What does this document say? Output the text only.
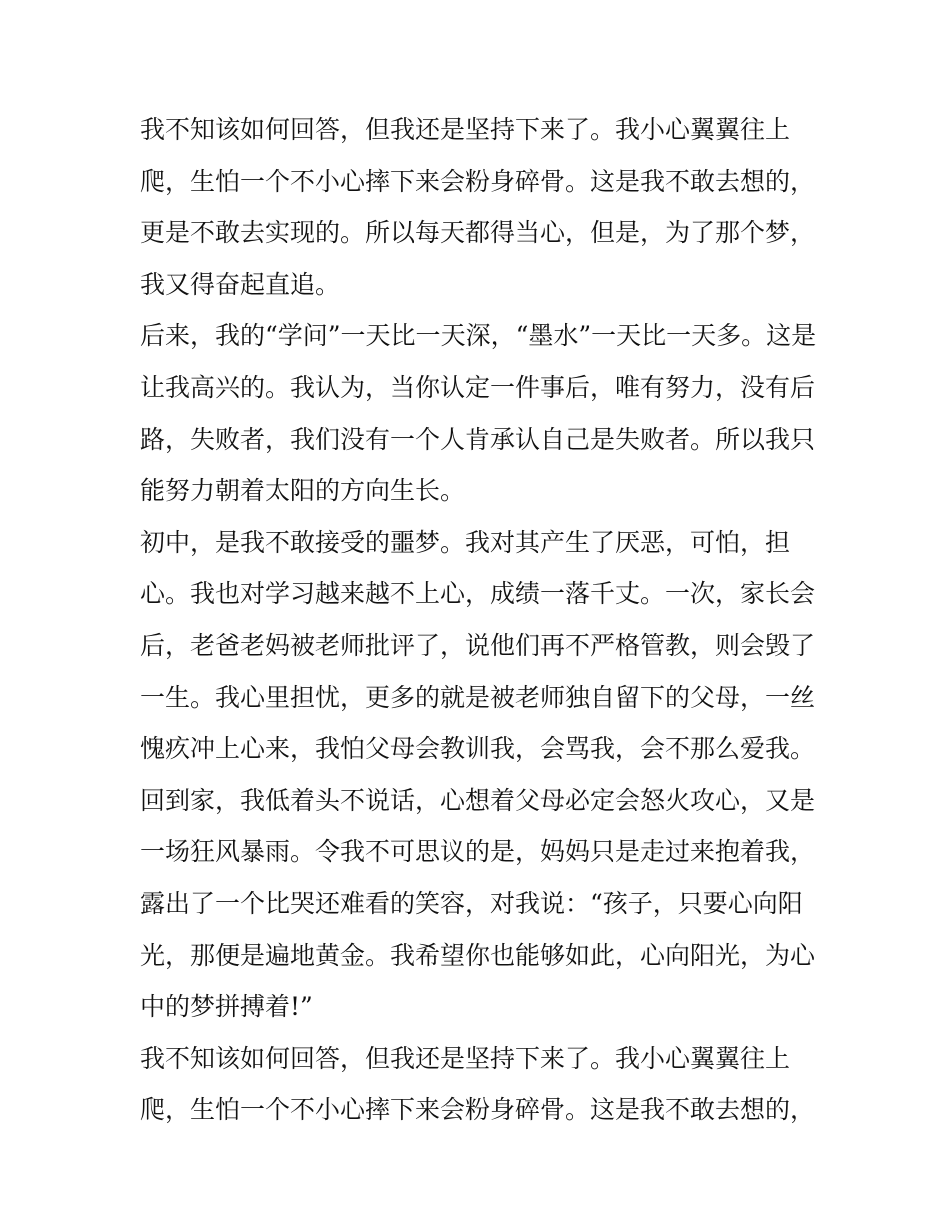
我不知该如何回答，但我还是坚持下来了。我小心翼翼往上
爬，生怕一个不小心摔下来会粉身碎骨。这是我不敢去想的，
更是不敢去实现的。所以每天都得当心，但是，为了那个梦，
我又得奋起直追。
后来，我的“学问”一天比一天深，“墨水”一天比一天多。这是
让我高兴的。我认为，当你认定一件事后，唯有努力，没有后
路，失败者，我们没有一个人肯承认自己是失败者。所以我只
能努力朝着太阳的方向生长。
初中，是我不敢接受的噩梦。我对其产生了厌恶，可怕，担
心。我也对学习越来越不上心，成绩一落千丈。一次，家长会
后，老爸老妈被老师批评了，说他们再不严格管教，则会毁了
一生。我心里担忧，更多的就是被老师独自留下的父母，一丝
愧疚冲上心来，我怕父母会教训我，会骂我，会不那么爱我。
回到家，我低着头不说话，心想着父母必定会怒火攻心，又是
一场狂风暴雨。令我不可思议的是，妈妈只是走过来抱着我，
露出了一个比哭还难看的笑容，对我说：“孩子，只要心向阳
光，那便是遍地黄金。我希望你也能够如此，心向阳光，为心
中的梦拼搏着!”
我不知该如何回答，但我还是坚持下来了。我小心翼翼往上
爬，生怕一个不小心摔下来会粉身碎骨。这是我不敢去想的，
